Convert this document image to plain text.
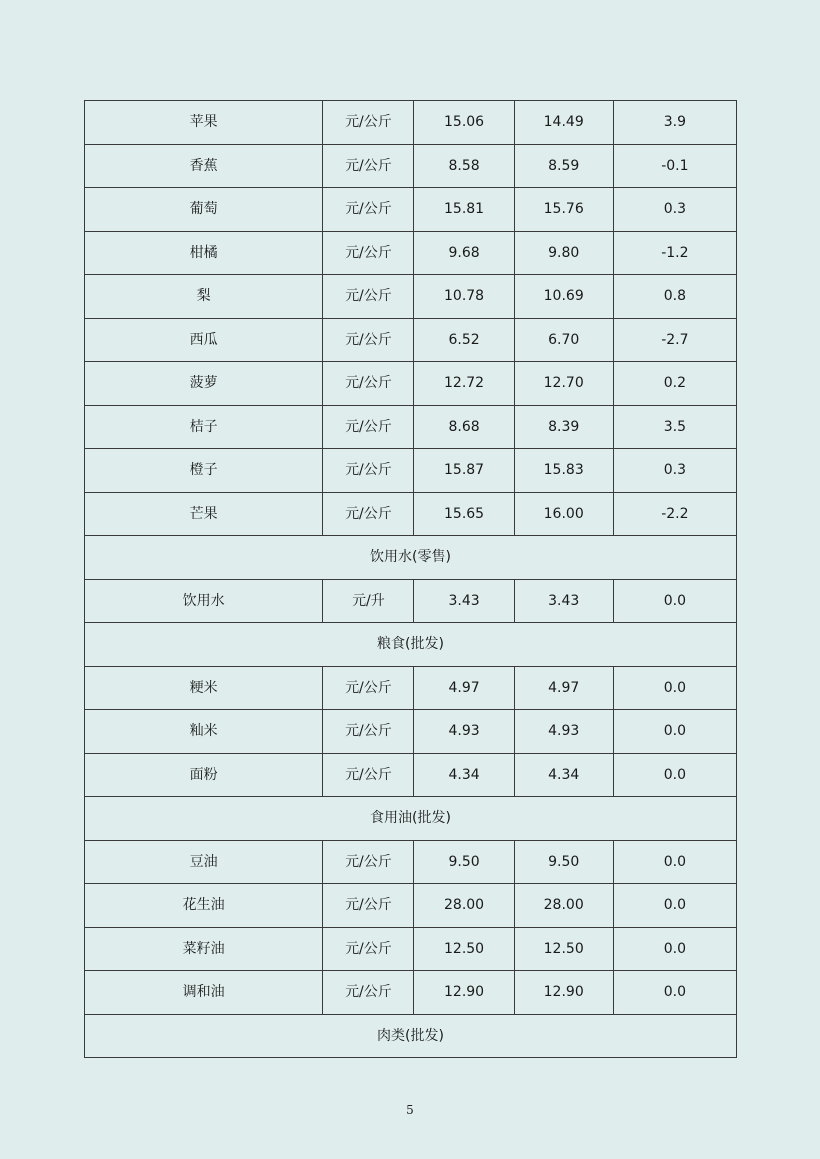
苹果	元/公斤	15.06	14.49	3.9
香蕉	元/公斤	8.58	8.59	-0.1
葡萄	元/公斤	15.81	15.76	0.3
柑橘	元/公斤	9.68	9.80	-1.2
梨	元/公斤	10.78	10.69	0.8
西瓜	元/公斤	6.52	6.70	-2.7
菠萝	元/公斤	12.72	12.70	0.2
桔子	元/公斤	8.68	8.39	3.5
橙子	元/公斤	15.87	15.83	0.3
芒果	元/公斤	15.65	16.00	-2.2
饮用水(零售)				
饮用水	元/升	3.43	3.43	0.0
粮食(批发)				
粳米	元/公斤	4.97	4.97	0.0
籼米	元/公斤	4.93	4.93	0.0
面粉	元/公斤	4.34	4.34	0.0
食用油(批发)				
豆油	元/公斤	9.50	9.50	0.0
花生油	元/公斤	28.00	28.00	0.0
菜籽油	元/公斤	12.50	12.50	0.0
调和油	元/公斤	12.90	12.90	0.0
肉类(批发)				
5
